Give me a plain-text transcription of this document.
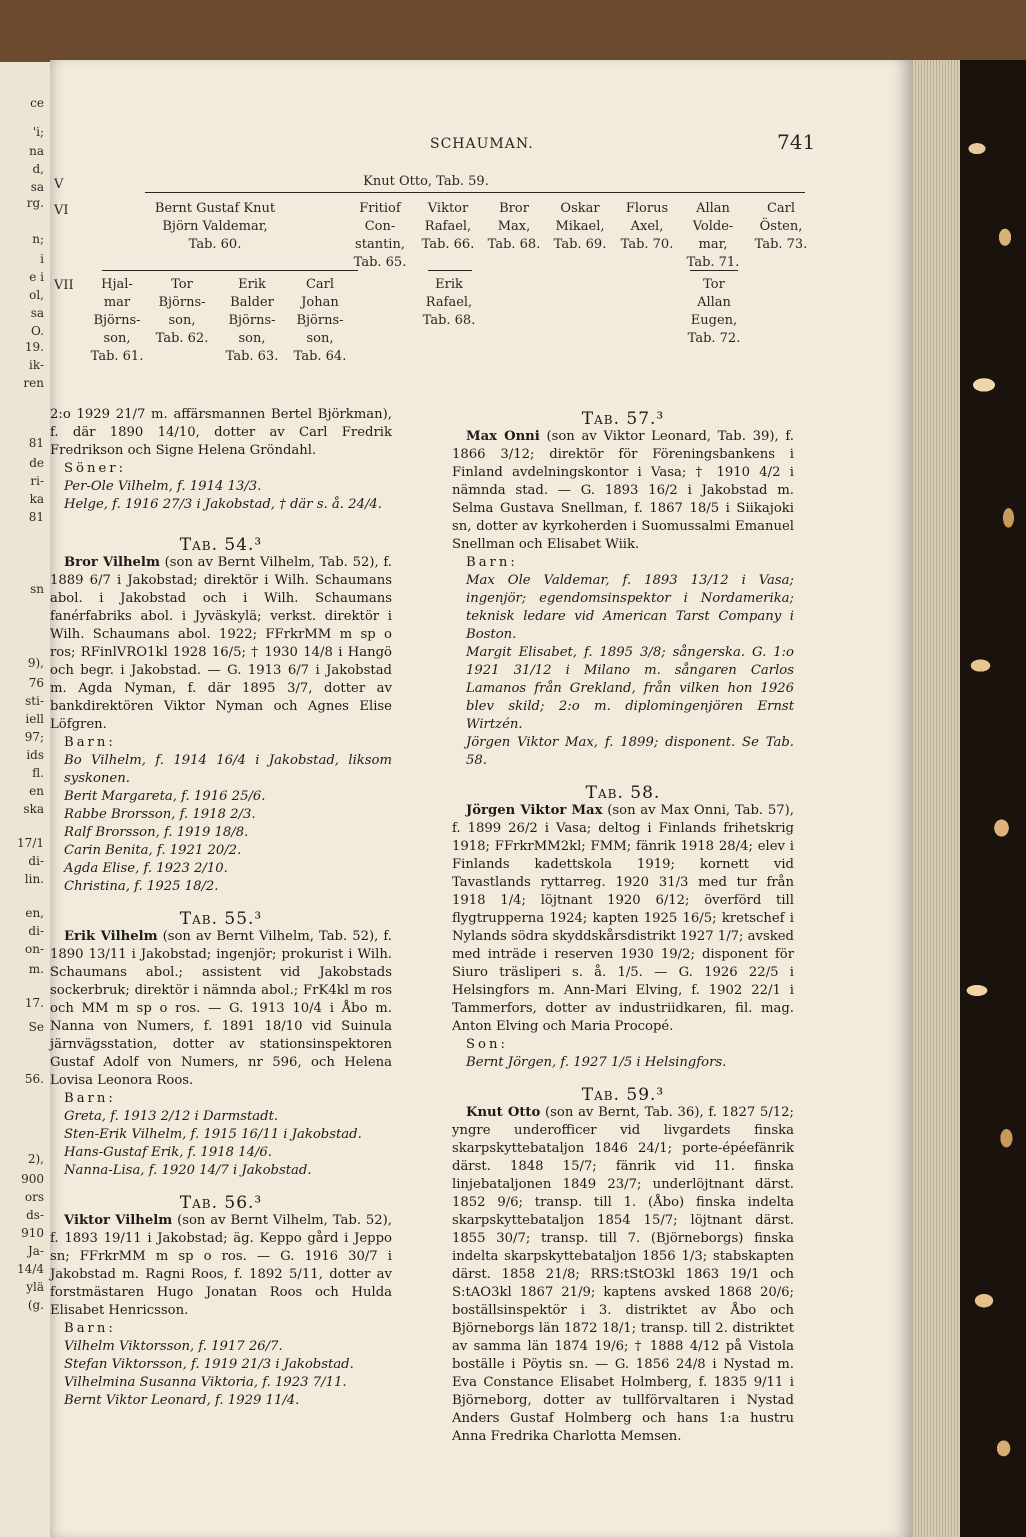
ce
'i;
na
d,
sa
rg.
n;
i
e i
ol,
sa
O.
19.
ik-
ren
81
de
ri-
ka
81
sn
9),
76
sti-
iell
97;
ids
fl.
en
ska
17/1
di-
lin.
en,
di-
on-
m.
17.
Se
56.
2),
900
ors
ds-
910
Ja-
14/4
ylä
(g.
SCHAUMAN.	741
V
VI
VII
Knut Otto, Tab. 59.
Bernt Gustaf Knut
Björn Valdemar,
Tab. 60.
Fritiof
Con-
stantin,
Tab. 65.
Viktor
Rafael,
Tab. 66.
Bror
Max,
Tab. 68.
Oskar
Mikael,
Tab. 69.
Florus
Axel,
Tab. 70.
Allan
Volde-
mar,
Tab. 71.
Carl
Östen,
Tab. 73.
Hjal-
mar
Björns-
son,
Tab. 61.
Tor
Björns-
son,
Tab. 62.
Erik
Balder
Björns-
son,
Tab. 63.
Carl
Johan
Björns-
son,
Tab. 64.
Erik
Rafael,
Tab. 68.
Tor
Allan
Eugen,
Tab. 72.

2:o 1929 21/7 m. affärsmannen Bertel Björkman), f. där 1890 14/10, dotter av Carl Fredrik Fredrikson och Signe Helena Gröndahl.

Söner:

Per-Ole Vilhelm, f. 1914 13/3.
Helge, f. 1916 27/3 i Jakobstad, † där s. å. 24/4.

Tab. 54.³

Bror Vilhelm (son av Bernt Vilhelm, Tab. 52), f. 1889 6/7 i Jakobstad; direktör i Wilh. Schaumans abol. i Jakobstad och i Wilh. Schaumans fanérfabriks abol. i Jyväskylä; verkst. direktör i Wilh. Schaumans abol. 1922; FFrkrMM m sp o ros; RFinlVRO1kl 1928 16/5; † 1930 14/8 i Hangö och begr. i Jakobstad. — G. 1913 6/7 i Jakobstad m. Agda Nyman, f. där 1895 3/7, dotter av bankdirektören Viktor Nyman och Agnes Elise Löfgren.

Barn:

Bo Vilhelm, f. 1914 16/4 i Jakobstad, liksom syskonen.
Berit Margareta, f. 1916 25/6.
Rabbe Brorsson, f. 1918 2/3.
Ralf Brorsson, f. 1919 18/8.
Carin Benita, f. 1921 20/2.
Agda Elise, f. 1923 2/10.
Christina, f. 1925 18/2.

Tab. 55.³

Erik Vilhelm (son av Bernt Vilhelm, Tab. 52), f. 1890 13/11 i Jakobstad; ingenjör; prokurist i Wilh. Schaumans abol.; assistent vid Jakobstads sockerbruk; direktör i nämnda abol.; FrK4kl m ros och MM m sp o ros. — G. 1913 10/4 i Åbo m. Nanna von Numers, f. 1891 18/10 vid Suinula järnvägsstation, dotter av stationsinspektoren Gustaf Adolf von Numers, nr 596, och Helena Lovisa Leonora Roos.

Barn:

Greta, f. 1913 2/12 i Darmstadt.
Sten-Erik Vilhelm, f. 1915 16/11 i Jakobstad.
Hans-Gustaf Erik, f. 1918 14/6.
Nanna-Lisa, f. 1920 14/7 i Jakobstad.

Tab. 56.³

Viktor Vilhelm (son av Bernt Vilhelm, Tab. 52), f. 1893 19/11 i Jakobstad; äg. Keppo gård i Jeppo sn; FFrkrMM m sp o ros. — G. 1916 30/7 i Jakobstad m. Ragni Roos, f. 1892 5/11, dotter av forstmästaren Hugo Jonatan Roos och Hulda Elisabet Henricsson.

Barn:

Vilhelm Viktorsson, f. 1917 26/7.
Stefan Viktorsson, f. 1919 21/3 i Jakobstad.
Vilhelmina Susanna Viktoria, f. 1923 7/11.
Bernt Viktor Leonard, f. 1929 11/4.

Tab. 57.³

Max Onni (son av Viktor Leonard, Tab. 39), f. 1866 3/12; direktör för Föreningsbankens i Finland avdelningskontor i Vasa; † 1910 4/2 i nämnda stad. — G. 1893 16/2 i Jakobstad m. Selma Gustava Snellman, f. 1867 18/5 i Siikajoki sn, dotter av kyrkoherden i Suomussalmi Emanuel Snellman och Elisabet Wiik.

Barn:

Max Ole Valdemar, f. 1893 13/12 i Vasa; ingenjör; egendomsinspektor i Nordamerika; teknisk ledare vid American Tarst Company i Boston.
Margit Elisabet, f. 1895 3/8; sångerska. G. 1:o 1921 31/12 i Milano m. sångaren Carlos Lamanos från Grekland, från vilken hon 1926 blev skild; 2:o m. diplomingenjören Ernst Wirtzén.
Jörgen Viktor Max, f. 1899; disponent. Se Tab. 58.

Tab. 58.

Jörgen Viktor Max (son av Max Onni, Tab. 57), f. 1899 26/2 i Vasa; deltog i Finlands frihetskrig 1918; FFrkrMM2kl; FMM; fänrik 1918 28/4; elev i Finlands kadettskola 1919; kornett vid Tavastlands ryttarreg. 1920 31/3 med tur från 1918 1/4; löjtnant 1920 6/12; överförd till flygtrupperna 1924; kapten 1925 16/5; kretschef i Nylands södra skyddskårsdistrikt 1927 1/7; avsked med inträde i reserven 1930 19/2; disponent för Siuro träsliperi s. å. 1/5. — G. 1926 22/5 i Helsingfors m. Ann-Mari Elving, f. 1902 22/1 i Tammerfors, dotter av industriidkaren, fil. mag. Anton Elving och Maria Procopé.

Son:

Bernt Jörgen, f. 1927 1/5 i Helsingfors.

Tab. 59.³

Knut Otto (son av Bernt, Tab. 36), f. 1827 5/12; yngre underofficer vid livgardets finska skarpskyttebataljon 1846 24/1; porte-épéefänrik därst. 1848 15/7; fänrik vid 11. finska linjebataljonen 1849 23/7; underlöjtnant därst. 1852 9/6; transp. till 1. (Åbo) finska indelta skarpskyttebataljon 1854 15/7; löjtnant därst. 1855 30/7; transp. till 7. (Björneborgs) finska indelta skarpskyttebataljon 1856 1/3; stabskapten därst. 1858 21/8; RRS:tStO3kl 1863 19/1 och S:tAO3kl 1867 21/9; kaptens avsked 1868 20/6; boställsinspektör i 3. distriktet av Åbo och Björneborgs län 1872 18/1; transp. till 2. distriktet av samma län 1874 19/6; † 1888 4/12 på Vistola boställe i Pöytis sn. — G. 1856 24/8 i Nystad m. Eva Constance Elisabet Holmberg, f. 1835 9/11 i Björneborg, dotter av tullförvaltaren i Nystad Anders Gustaf Holmberg och hans 1:a hustru Anna Fredrika Charlotta Memsen.
